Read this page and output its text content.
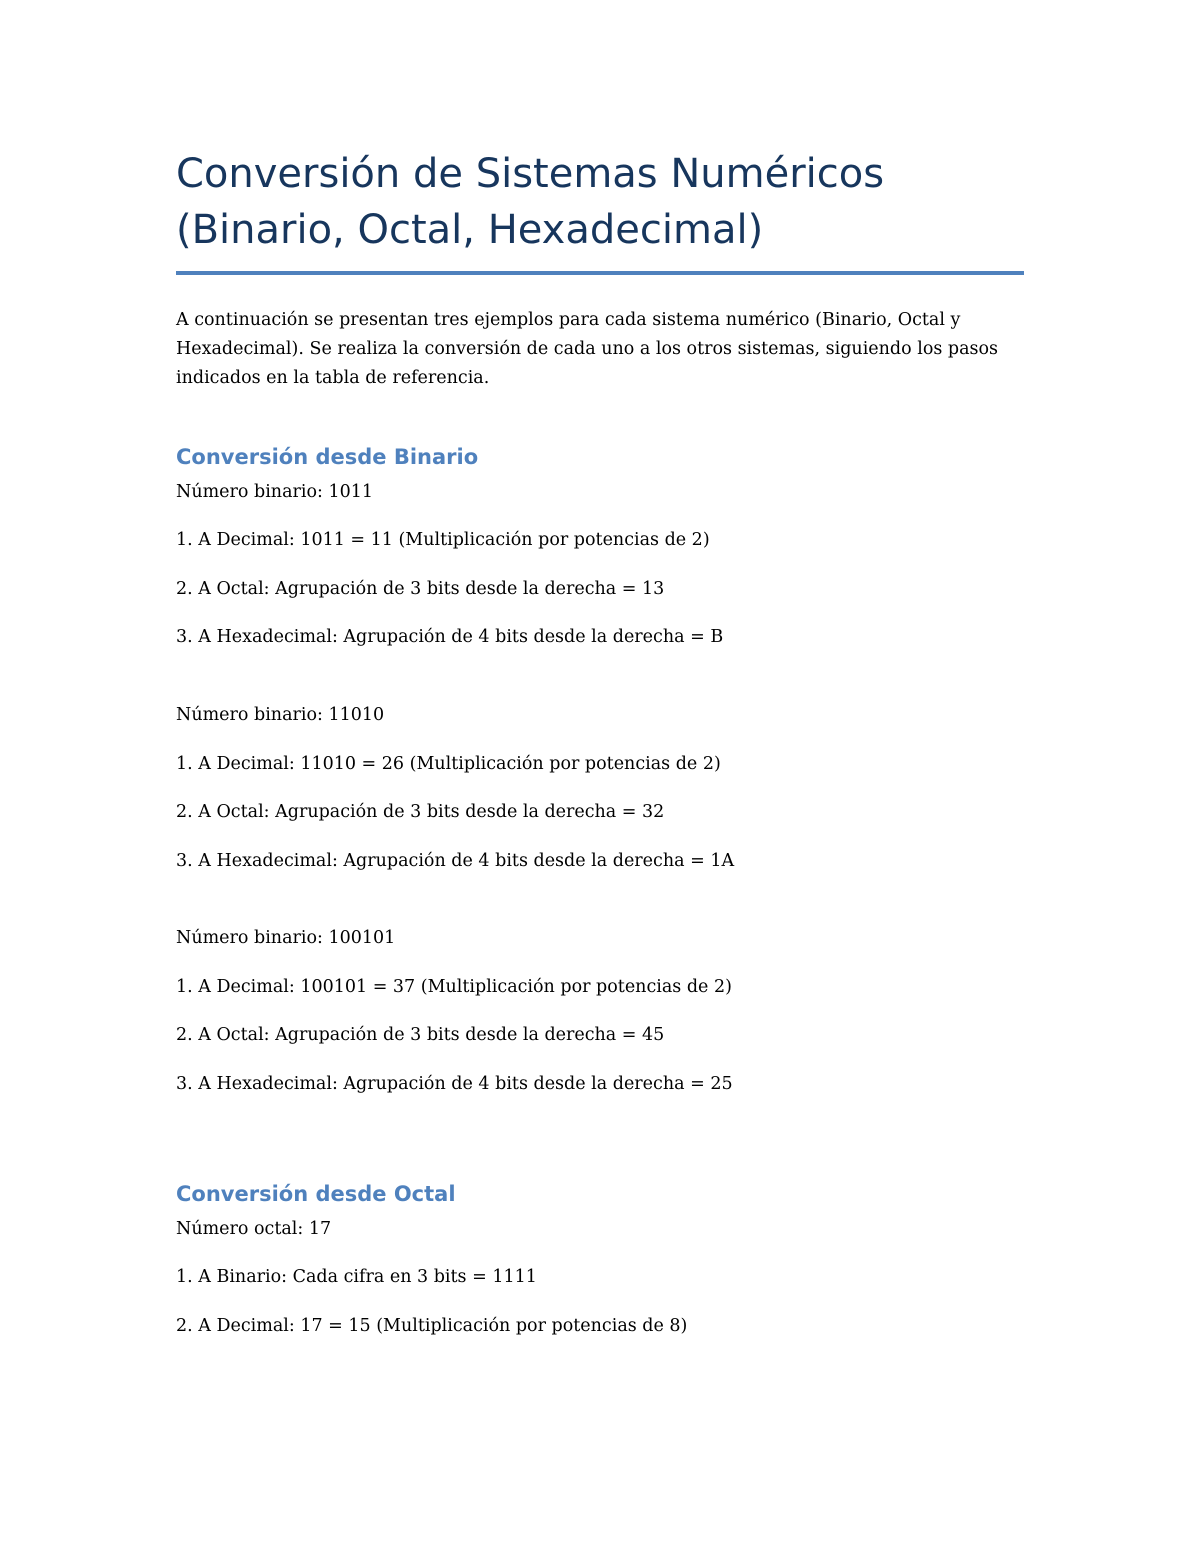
Conversión de Sistemas Numéricos (Binario, Octal, Hexadecimal)

A continuación se presentan tres ejemplos para cada sistema numérico (Binario, Octal y Hexadecimal). Se realiza la conversión de cada uno a los otros sistemas, siguiendo los pasos indicados en la tabla de referencia.

Conversión desde Binario

Número binario: 1011

1. A Decimal: 1011 = 11 (Multiplicación por potencias de 2)

2. A Octal: Agrupación de 3 bits desde la derecha = 13

3. A Hexadecimal: Agrupación de 4 bits desde la derecha = B

Número binario: 11010

1. A Decimal: 11010 = 26 (Multiplicación por potencias de 2)

2. A Octal: Agrupación de 3 bits desde la derecha = 32

3. A Hexadecimal: Agrupación de 4 bits desde la derecha = 1A

Número binario: 100101

1. A Decimal: 100101 = 37 (Multiplicación por potencias de 2)

2. A Octal: Agrupación de 3 bits desde la derecha = 45

3. A Hexadecimal: Agrupación de 4 bits desde la derecha = 25

Conversión desde Octal

Número octal: 17

1. A Binario: Cada cifra en 3 bits = 1111

2. A Decimal: 17 = 15 (Multiplicación por potencias de 8)
